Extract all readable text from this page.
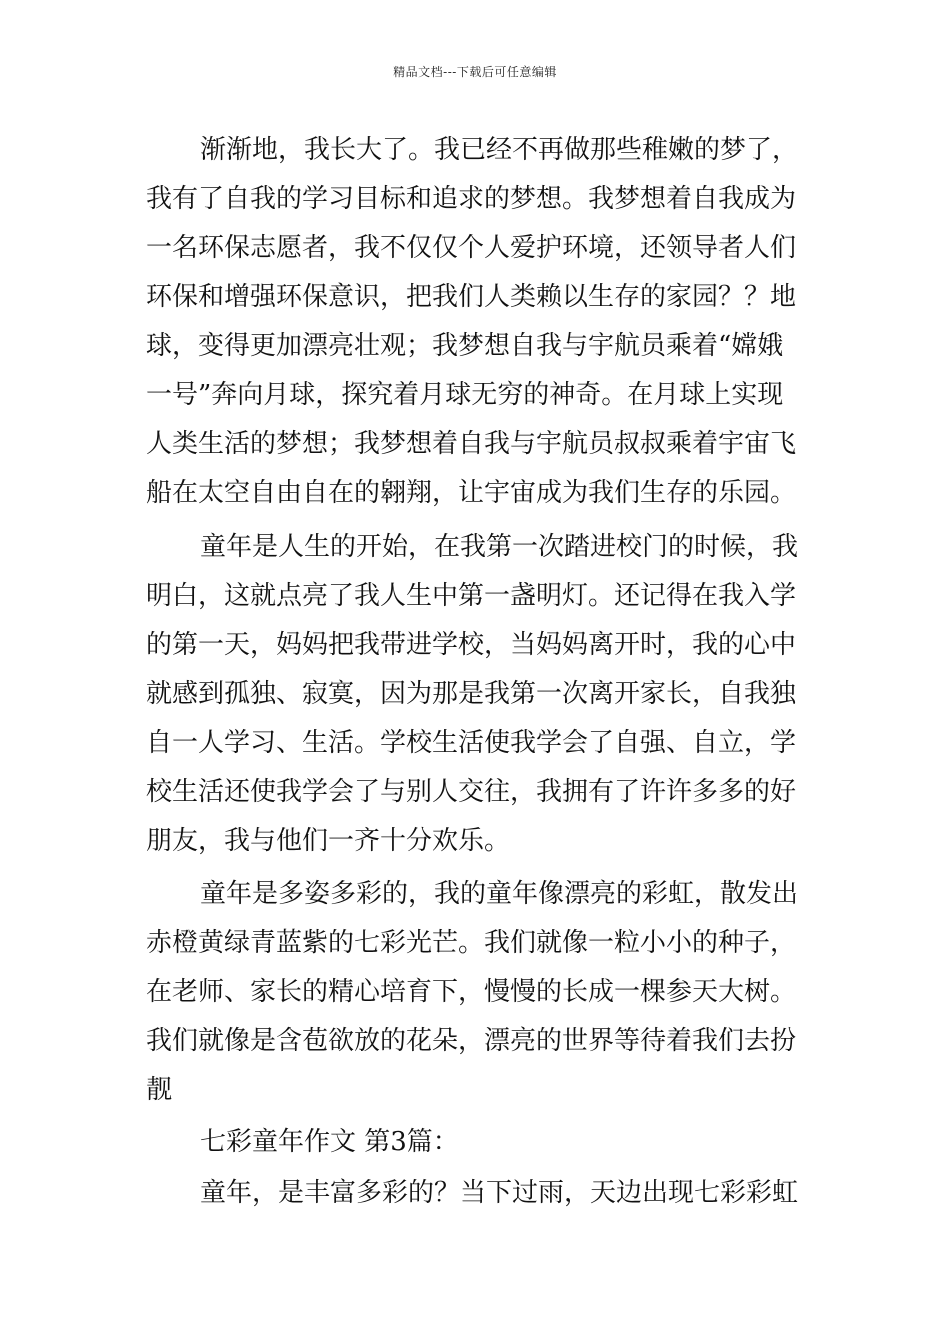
精品文档---下载后可任意编辑
渐渐地，我长大了。我已经不再做那些稚嫩的梦了，
我有了自我的学习目标和追求的梦想。我梦想着自我成为
一名环保志愿者，我不仅仅个人爱护环境，还领导者人们
环保和增强环保意识，把我们人类赖以生存的家园？？地
球，变得更加漂亮壮观；我梦想自我与宇航员乘着“嫦娥
一号”奔向月球，探究着月球无穷的神奇。在月球上实现
人类生活的梦想；我梦想着自我与宇航员叔叔乘着宇宙飞
船在太空自由自在的翱翔，让宇宙成为我们生存的乐园。
童年是人生的开始，在我第一次踏进校门的时候，我
明白，这就点亮了我人生中第一盏明灯。还记得在我入学
的第一天，妈妈把我带进学校，当妈妈离开时，我的心中
就感到孤独、寂寞，因为那是我第一次离开家长，自我独
自一人学习、生活。学校生活使我学会了自强、自立，学
校生活还使我学会了与别人交往，我拥有了许许多多的好
朋友，我与他们一齐十分欢乐。
童年是多姿多彩的，我的童年像漂亮的彩虹，散发出
赤橙黄绿青蓝紫的七彩光芒。我们就像一粒小小的种子，
在老师、家长的精心培育下，慢慢的长成一棵参天大树。
我们就像是含苞欲放的花朵，漂亮的世界等待着我们去扮
靓
七彩童年作文 第3篇：
童年，是丰富多彩的？当下过雨，天边出现七彩彩虹
